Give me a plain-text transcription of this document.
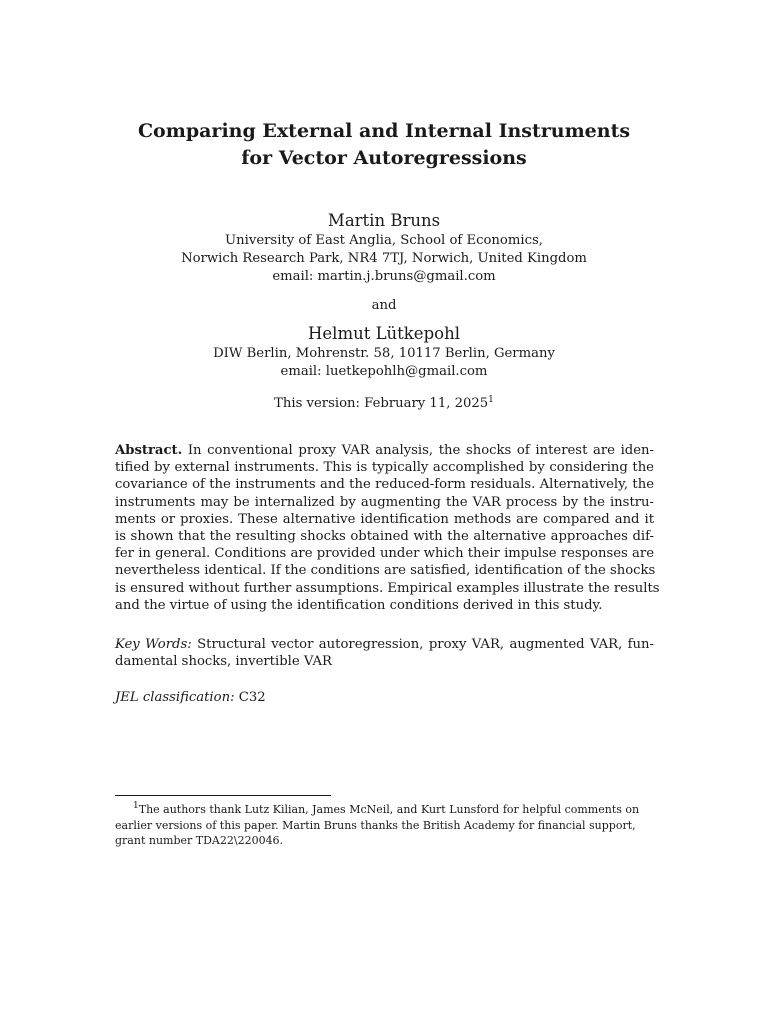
Comparing External and Internal Instruments
for Vector Autoregressions
Martin Bruns
University of East Anglia, School of Economics,
Norwich Research Park, NR4 7TJ, Norwich, United Kingdom
email: martin.j.bruns@gmail.com
and
Helmut Lütkepohl
DIW Berlin, Mohrenstr. 58, 10117 Berlin, Germany
email: luetkepohlh@gmail.com
This version: February 11, 2025$^1$
Abstract. In conventional proxy VAR analysis, the shocks of interest are iden-
tified by external instruments. This is typically accomplished by considering the
covariance of the instruments and the reduced-form residuals. Alternatively, the
instruments may be internalized by augmenting the VAR process by the instru-
ments or proxies. These alternative identification methods are compared and it
is shown that the resulting shocks obtained with the alternative approaches dif-
fer in general. Conditions are provided under which their impulse responses are
nevertheless identical. If the conditions are satisfied, identification of the shocks
is ensured without further assumptions. Empirical examples illustrate the results
and the virtue of using the identification conditions derived in this study.
Key Words: Structural vector autoregression, proxy VAR, augmented VAR, fun-
damental shocks, invertible VAR
JEL classification: C32
$^1$The authors thank Lutz Kilian, James McNeil, and Kurt Lunsford for helpful comments on
earlier versions of this paper. Martin Bruns thanks the British Academy for financial support,
grant number TDA22\220046.
